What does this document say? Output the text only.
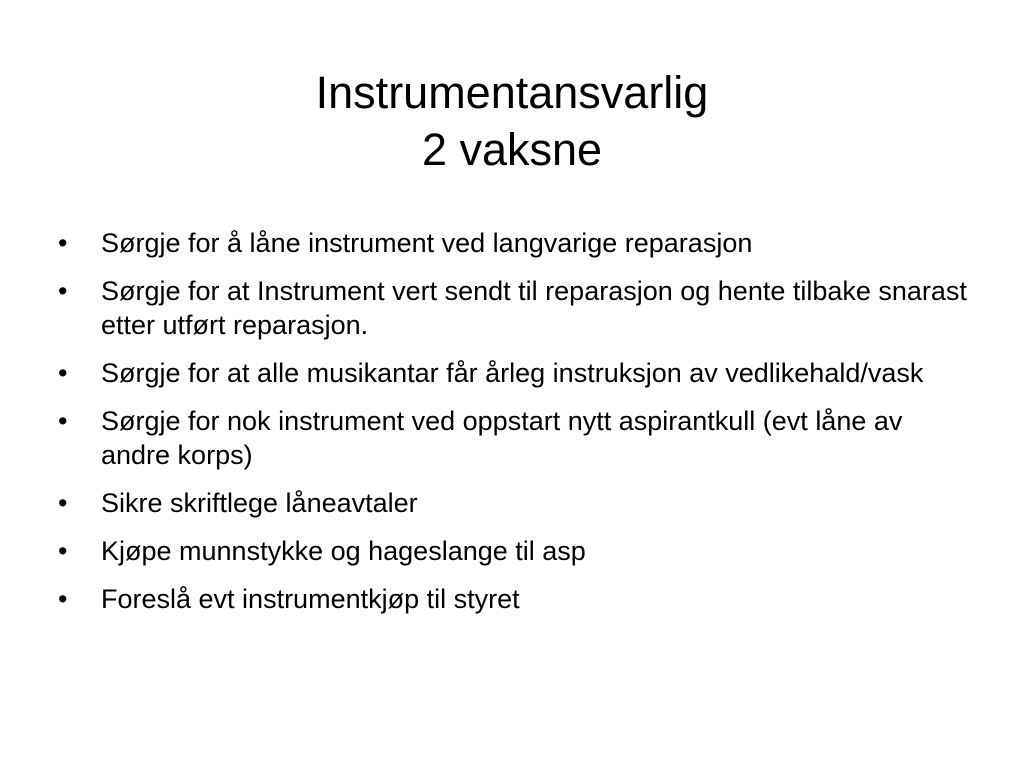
Instrumentansvarlig
2 vaksne
• Sørgje for å låne instrument ved langvarige reparasjon
• Sørgje for at Instrument vert sendt til reparasjon og hente tilbake snarast etter utført reparasjon.
• Sørgje for at alle musikantar får årleg instruksjon av vedlikehald/vask
• Sørgje for nok instrument ved oppstart nytt aspirantkull (evt låne av andre korps)
• Sikre skriftlege låneavtaler
• Kjøpe munnstykke og hageslange til asp
• Foreslå evt instrumentkjøp til styret
